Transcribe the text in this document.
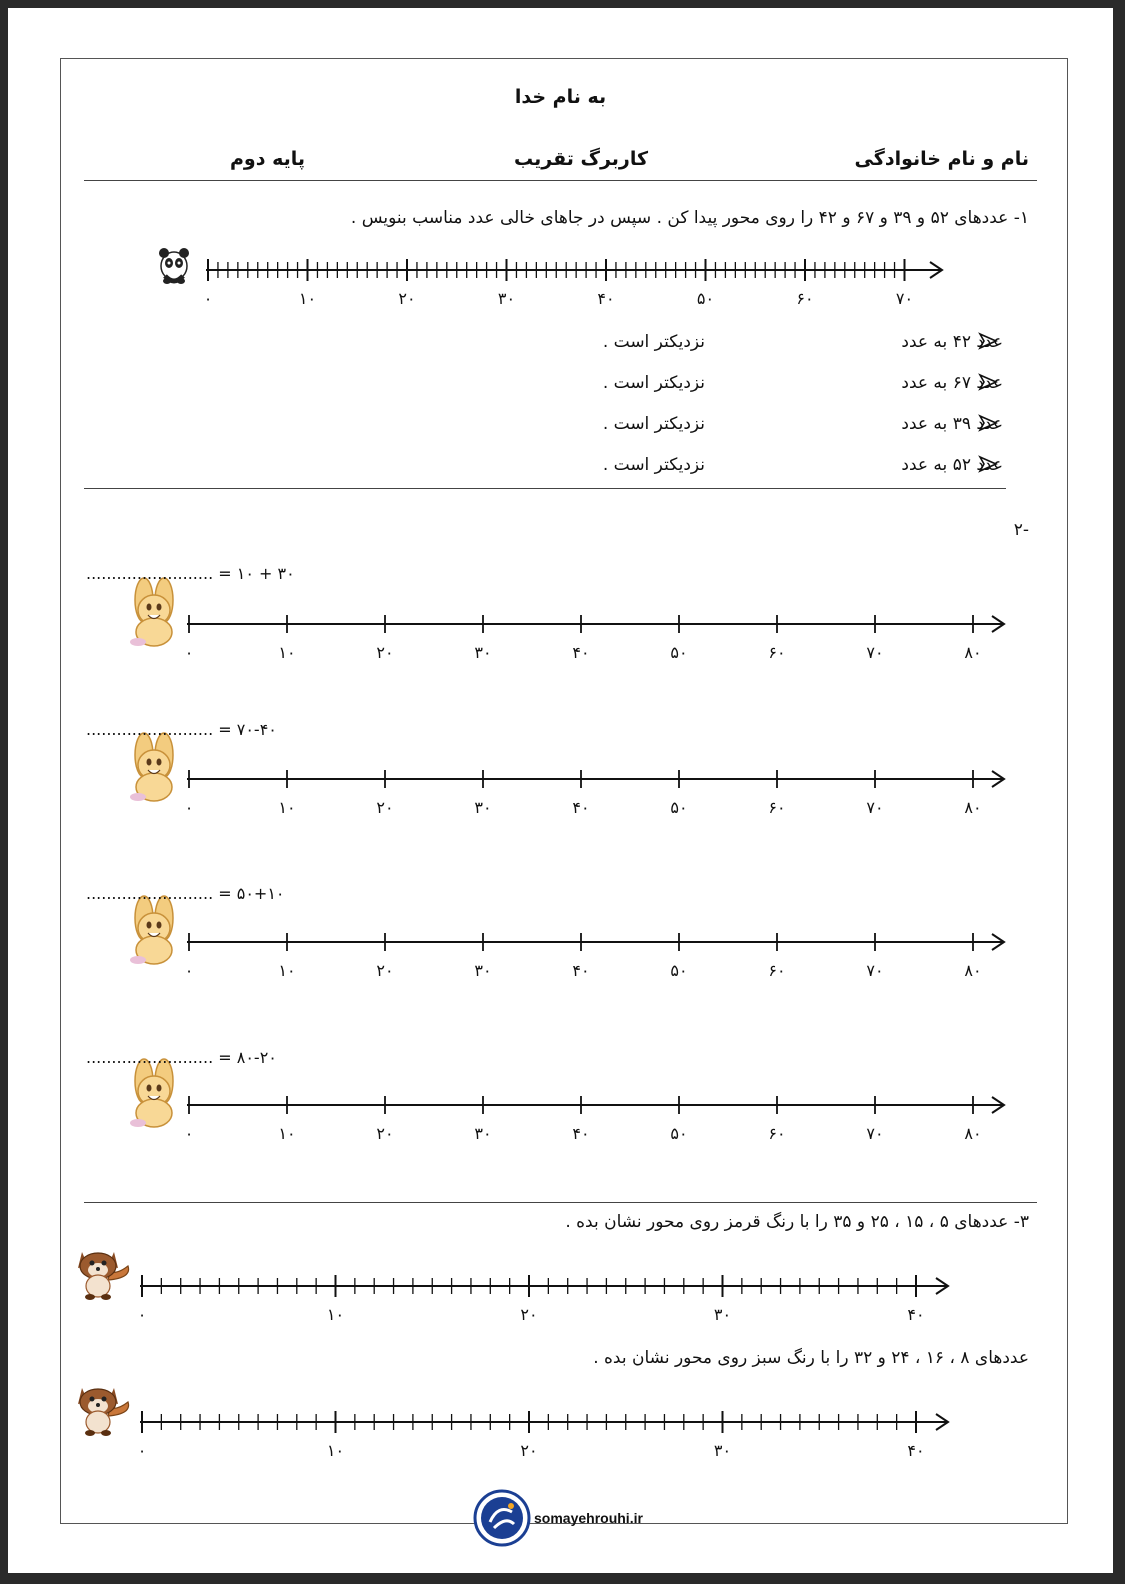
به نام خدا
نام و نام خانوادگی
کاربرگ تقریب
پایه دوم
۱- عددهای ۵۲ و ۳۹ و ۶۷ و ۴۲ را روی محور پیدا کن . سپس در جاهای خالی عدد مناسب بنویس .
۰	۱۰	۲۰	۳۰	۴۰	۵۰	۶۰	۷۰
۰	۱۰	۲۰	۳۰	۴۰	۵۰	۶۰	۷۰	۸۰
۰	۱۰	۲۰	۳۰	۴۰	۵۰	۶۰	۷۰	۸۰
۰	۱۰	۲۰	۳۰	۴۰	۵۰	۶۰	۷۰	۸۰
۰	۱۰	۲۰	۳۰	۴۰	۵۰	۶۰	۷۰	۸۰
۰	۱۰	۲۰	۳۰	۴۰
۰	۱۰	۲۰	۳۰	۴۰
عدد ۴۲ به عدد
نزدیکتر است .
عدد ۶۷ به عدد
نزدیکتر است .
عدد ۳۹ به عدد
نزدیکتر است .
عدد ۵۲ به عدد
نزدیکتر است .
-۲
۳۰ + ۱۰ = .........................
۷۰-۴۰ = .........................
۵۰+۱۰ = .........................
۸۰-۲۰ = .........................
۳- عددهای ۵ ، ۱۵ ، ۲۵ و ۳۵ را با رنگ قرمز روی محور نشان بده .
عددهای ۸ ، ۱۶ ، ۲۴ و ۳۲ را با رنگ سبز روی محور نشان بده .
somayehrouhi.ir
